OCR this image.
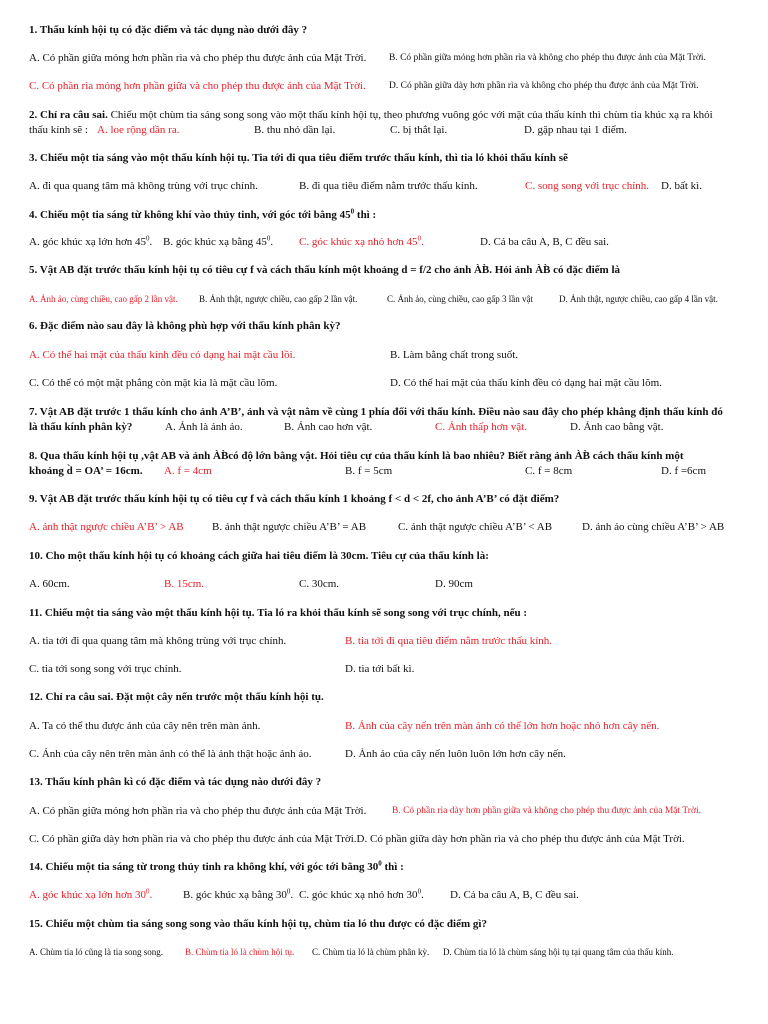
1. Thấu kính hội tụ có đặc điểm và tác dụng nào dưới đây ?
A. Có phần giữa mỏng hơn phần rìa và cho phép thu được ảnh của Mặt Trời. B. Có phần giữa mỏng hơn phần rìa và không cho phép thu được ảnh của Mặt Trời.
C. Có phần rìa mỏng hơn phần giữa và cho phép thu được ảnh của Mặt Trời. D. Có phần giữa dày hơn phần rìa và không cho phép thu được ảnh của Mặt Trời.
2. Chỉ ra câu sai. Chiếu một chùm tia sáng song song vào một thấu kính hội tụ, theo phương vuông góc với mặt của thấu kính thì chùm tia khúc xạ ra khỏi
thấu kính sẽ : A. loe rộng dần ra.	B. thu nhỏ dần lại.	C. bị thắt lại.	D. gặp nhau tại 1 điểm.
3. Chiếu một tia sáng vào một thấu kính hội tụ. Tia tới đi qua tiêu điểm trước thấu kính, thì tia ló khỏi thấu kính sẽ
A. đi qua quang tâm mà không trùng với trục chính.	B. đi qua tiêu điểm nằm trước thấu kính.	C. song song với trục chính. D. bất kì.
4. Chiếu một tia sáng từ không khí vào thủy tinh, với góc tới bằng $45^0$ thì :
A. góc khúc xạ lớn hơn $45^0$. B. góc khúc xạ bằng $45^0$. C. góc khúc xạ nhỏ hơn $45^0$.	D. Cả ba câu A, B, C đều sai.
5. Vật AB đặt trước thấu kính hội tụ có tiêu cự f và cách thấu kính một khoảng d = f/2 cho ảnh ÀB̀. Hỏi ảnh ÀB̀ có đặc điểm là
A. Ảnh ảo, cùng chiều, cao gấp 2 lần vật. B. Ảnh thật, ngược chiều, cao gấp 2 lần vật.	C. Ảnh ảo, cùng chiều, cao gấp 3 lần vật	D. Ảnh thật, ngược chiều, cao gấp 4 lần vật.
6. Đặc điểm nào sau đây là không phù hợp với thấu kính phân kỳ?
A. Có thể hai mặt của thấu kính đều có dạng hai mặt cầu lồi.	B. Làm bằng chất trong suốt.
C. Có thể có một mặt phẳng còn mặt kia là mặt cầu lõm.	D. Có thể hai mặt của thấu kính đều có dạng hai mặt cầu lõm.
7. Vật AB đặt trước 1 thấu kính cho ảnh A’B’, ảnh và vật nằm về cùng 1 phía đối với thấu kính. Điều nào sau đây cho phép khẳng định thấu kính đó
là thấu kính phân kỳ?	A. Ảnh là ảnh ảo.	B. Ảnh cao hơn vật.	C. Ảnh thấp hơn vật.	D. Ảnh cao bằng vật.
8. Qua thấu kính hội tụ ,vật AB và ảnh ÀB̀có độ lớn bằng vật. Hỏi tiêu cự của thấu kính là bao nhiêu? Biết rằng ảnh ÀB̀ cách thấu kính một
khoảng d̀ = OA’ = 16cm. A. f = 4cm	B. f = 5cm	C. f = 8cm	D. f =6cm
9. Vật AB đặt trước thấu kính hội tụ có tiêu cự f và cách thấu kính 1 khoảng f < d < 2f, cho ảnh A’B’ có đặt điểm?
A. ảnh thật ngược chiều A’B’ > AB	B. ảnh thật ngược chiều A’B’ = AB	C. ảnh thật ngược chiều A’B’ < AB	D. ảnh ảo cùng chiều A’B’ > AB
10. Cho một thấu kính hội tụ có khoảng cách giữa hai tiêu điểm là 30cm. Tiêu cự của thấu kính là:
A. 60cm.	B. 15cm.	C. 30cm.	D. 90cm
11. Chiếu một tia sáng vào một thấu kính hội tụ. Tia ló ra khỏi thấu kính sẽ song song với trục chính, nếu :
A. tia tới đi qua quang tâm mà không trùng với trục chính.	B. tia tới đi qua tiêu điểm nằm trước thấu kính.
C. tia tới song song với trục chính.	D. tia tới bất kì.
12. Chỉ ra câu sai. Đặt một cây nến trước một thấu kính hội tụ.
A. Ta có thể thu được ảnh của cây nên trên màn ảnh.	B. Ảnh của cây nến trên màn ảnh có thể lớn hơn hoặc nhỏ hơn cây nến.
C. Ảnh của cây nên trên màn ảnh có thể là ảnh thật hoặc ảnh ảo.	D. Ảnh ảo của cây nến luôn luôn lớn hơn cây nến.
13. Thấu kính phân kì có đặc điểm và tác dụng nào dưới đây ?
A. Có phần giữa mỏng hơn phần rìa và cho phép thu được ảnh của Mặt Trời.	B. Có phần rìa dày hơn phần giữa và không cho phép thu được ảnh của Mặt Trời.
C. Có phần giữa dày hơn phần rìa và cho phép thu được ảnh của Mặt Trời.D. Có phần giữa dày hơn phần rìa và cho phép thu được ảnh của Mặt Trời.
14. Chiếu một tia sáng từ trong thủy tinh ra không khí, với góc tới bằng $30^0$ thì :
A. góc khúc xạ lớn hơn $30^0$.	B. góc khúc xạ bằng $30^0$. C. góc khúc xạ nhỏ hơn $30^0$. D. Cả ba câu A, B, C đều sai.
15. Chiếu một chùm tia sáng song song vào thấu kính hội tụ, chùm tia ló thu được có đặc điểm gì?
A. Chùm tia ló cũng là tia song song. B. Chùm tia ló là chùm hội tụ. C. Chùm tia ló là chùm phân kỳ. D. Chùm tia ló là chùm sáng hội tụ tại quang tâm của thấu kính.
